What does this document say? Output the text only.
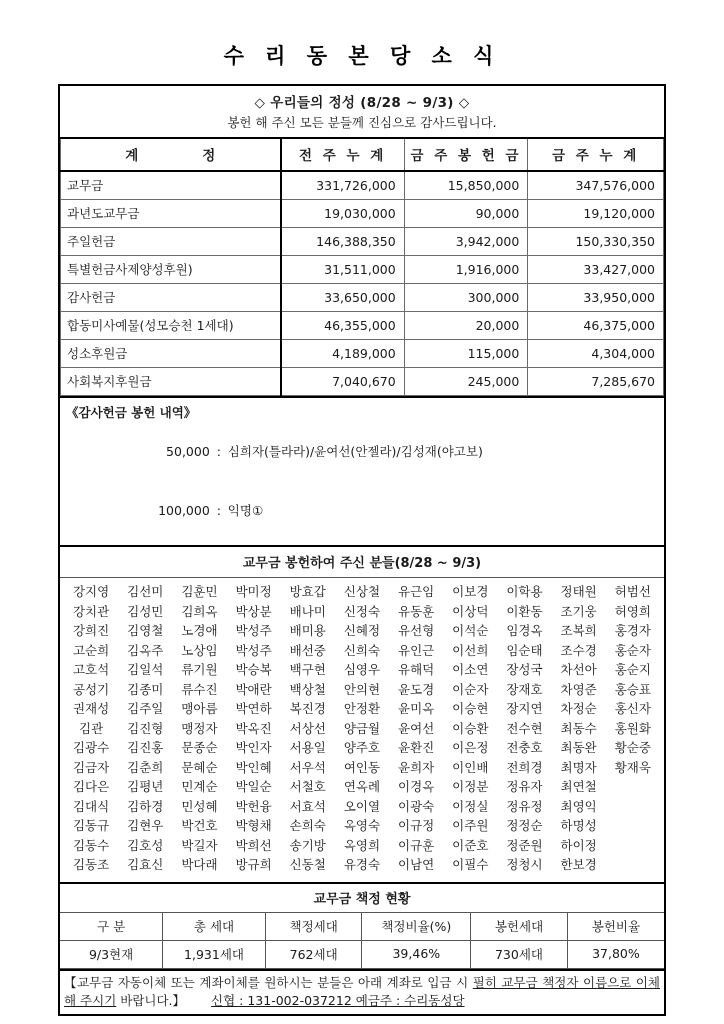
수 리 동 본 당 소 식
◇ 우리들의 정성 (8/28 ~ 9/3) ◇
봉헌 해 주신 모든 분들께 진심으로 감사드립니다.			

계 정	전 주 누 계	금 주 봉 헌 금	금 주 누 계
교무금	331,726,000	15,850,000	347,576,000
과년도교무금	19,030,000	90,000	19,120,000
주일헌금	146,388,350	3,942,000	150,330,350
특별헌금사제양성후원)	31,511,000	1,916,000	33,427,000
감사헌금	33,650,000	300,000	33,950,000
합동미사예물(성모승천 1세대)	46,355,000	20,000	46,375,000
성소후원금	4,189,000	115,000	4,304,000
사회복지후원금	7,040,670	245,000	7,285,670
《감사헌금 봉헌 내역》

50,000 : 심희자(틀라라)/윤여선(안젤라)/김성재(야고보)

100,000 : 익명①

교무금 봉헌하여 주신 분들(8/28 ~ 9/3)
강지영	김선미	김훈민	박미정	방효갑	신상철	유근임	이보경	이학용	정태원	허범선
강치관	김성민	김희옥	박상분	배나미	신정숙	유동훈	이상덕	이환동	조기웅	허영희
강희진	김영철	노경애	박성주	배미용	신혜정	유선형	이석순	임경옥	조복희	홍경자
고순희	김옥주	노상임	박성주	배선중	신희숙	유인근	이선희	임순태	조수경	홍순자
고호석	김일석	류기원	박승복	백구현	심영우	유해덕	이소연	장성국	차선아	홍순지
공성기	김종미	류수진	박애란	백상철	안의현	윤도경	이순자	장재호	차영준	홍승표
권재성	김주일	맹아름	박연하	복진경	안정환	윤미옥	이승현	장지연	차정순	홍신자
김관	김진형	맹정자	박옥진	서상선	양금월	윤여선	이승환	전수현	최동수	홍원화
김광수	김진홍	문종순	박인자	서용일	양주호	윤환진	이은정	전충호	최동완	황순중
김금자	김춘희	문혜순	박인혜	서우석	여인동	윤희자	이인배	전희경	최명자	황재욱
김다은	김평년	민계순	박일순	서철호	연옥례	이경옥	이정분	정유자	최연철	
김대식	김하경	민성혜	박헌융	서효석	오이열	이광숙	이정실	정유정	최영익	
김동규	김현우	박건호	박형채	손희숙	옥영숙	이규정	이주원	정정순	하명성	
김동수	김호성	박길자	박희선	송기방	옥영희	이규훈	이준호	정준원	하이정	
김동조	김효신	박다래	방규희	신동철	유경숙	이남연	이필수	정청시	한보경	
교무금 책정 현황
구 분	총 세대	책정세대	책정비율(%)	봉헌세대	봉헌비율
9/3현재	1,931세대	762세대	39,46%	730세대	37,80%
【교무금 자동이체 또는 계좌이체를 원하시는 분들은 아래 계좌로 입금 시 필히 교무금 책정자 이름으로 이체해 주시기 바랍니다.】 신협 : 131-002-037212 예금주 : 수리동성당
